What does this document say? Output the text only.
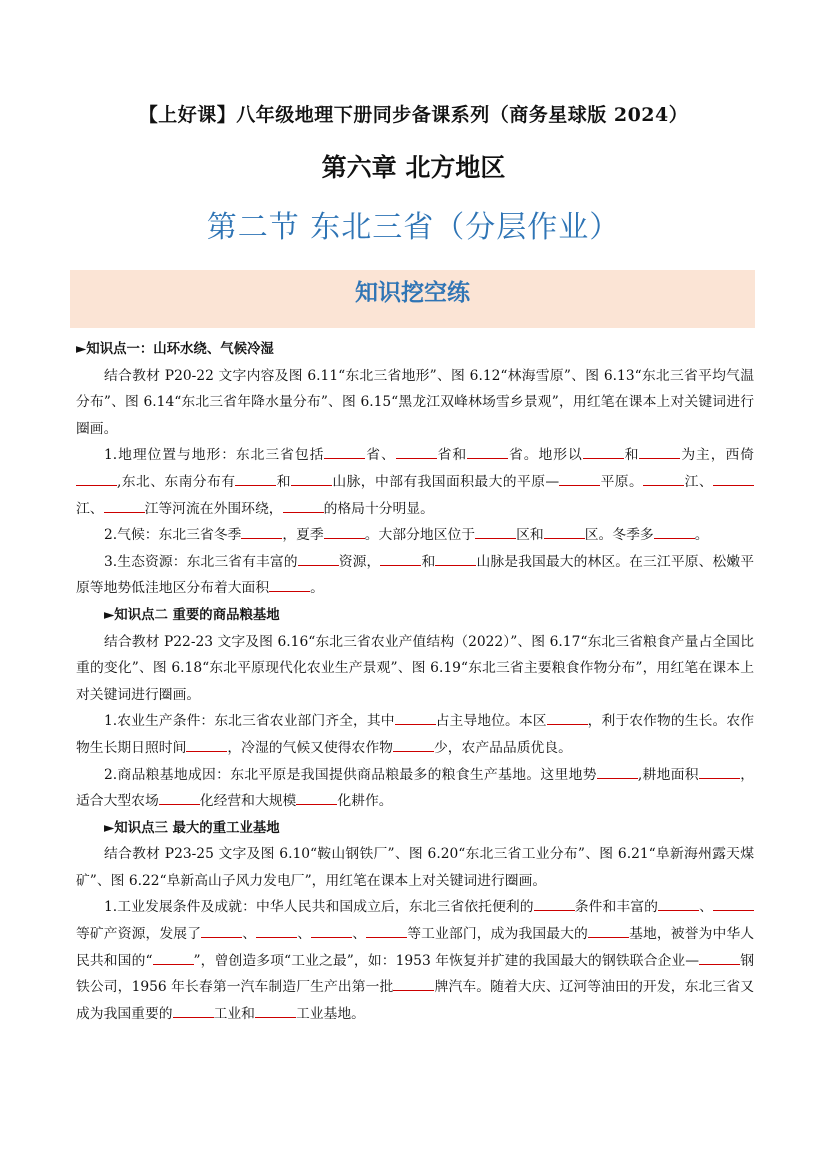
【上好课】八年级地理下册同步备课系列（商务星球版 2024）
第六章 北方地区
第二节 东北三省（分层作业）
知识挖空练

►知识点一：山环水绕、气候冷湿

结合教材 P20-22 文字内容及图 6.11“东北三省地形”、图 6.12“林海雪原”、图 6.13“东北三省平均气温分布”、图 6.14“东北三省年降水量分布”、图 6.15“黑龙江双峰林场雪乡景观”，用红笔在课本上对关键词进行圈画。

1.地理位置与地形：东北三省包括	省、	省和	省。地形以	和	为主，西倚,东北、东南分布有	和	山脉，中部有我国面积最大的平原—	平原。	江、江、	江等河流在外围环绕，	的格局十分明显。

2.气候：东北三省冬季	，夏季	。大部分地区位于	区和	区。冬季多	。

3.生态资源：东北三省有丰富的	资源，	和	山脉是我国最大的林区。在三江平原、松嫩平原等地势低洼地区分布着大面积	。

►知识点二 重要的商品粮基地

结合教材 P22-23 文字及图 6.16“东北三省农业产值结构（2022）”、图 6.17“东北三省粮食产量占全国比重的变化”、图 6.18“东北平原现代化农业生产景观”、图 6.19“东北三省主要粮食作物分布”，用红笔在课本上对关键词进行圈画。

1.农业生产条件：东北三省农业部门齐全，其中	占主导地位。本区	，利于农作物的生长。农作物生长期日照时间	，冷湿的气候又使得农作物	少，农产品品质优良。

2.商品粮基地成因：东北平原是我国提供商品粮最多的粮食生产基地。这里地势	,耕地面积	，适合大型农场	化经营和大规模	化耕作。

►知识点三 最大的重工业基地

结合教材 P23-25 文字及图 6.10“鞍山钢铁厂”、图 6.20“东北三省工业分布”、图 6.21“阜新海州露天煤矿”、图 6.22“阜新高山子风力发电厂”，用红笔在课本上对关键词进行圈画。

1.工业发展条件及成就：中华人民共和国成立后，东北三省依托便利的	条件和丰富的	、等矿产资源，发展了	、	、	、	等工业部门，成为我国最大的	基地，被誉为中华人民共和国的“	”，曾创造多项“工业之最”，如：1953 年恢复并扩建的我国最大的钢铁联合企业—	钢铁公司，1956 年长春第一汽车制造厂生产出第一批	牌汽车。随着大庆、辽河等油田的开发，东北三省又成为我国重要的	工业和	工业基地。
